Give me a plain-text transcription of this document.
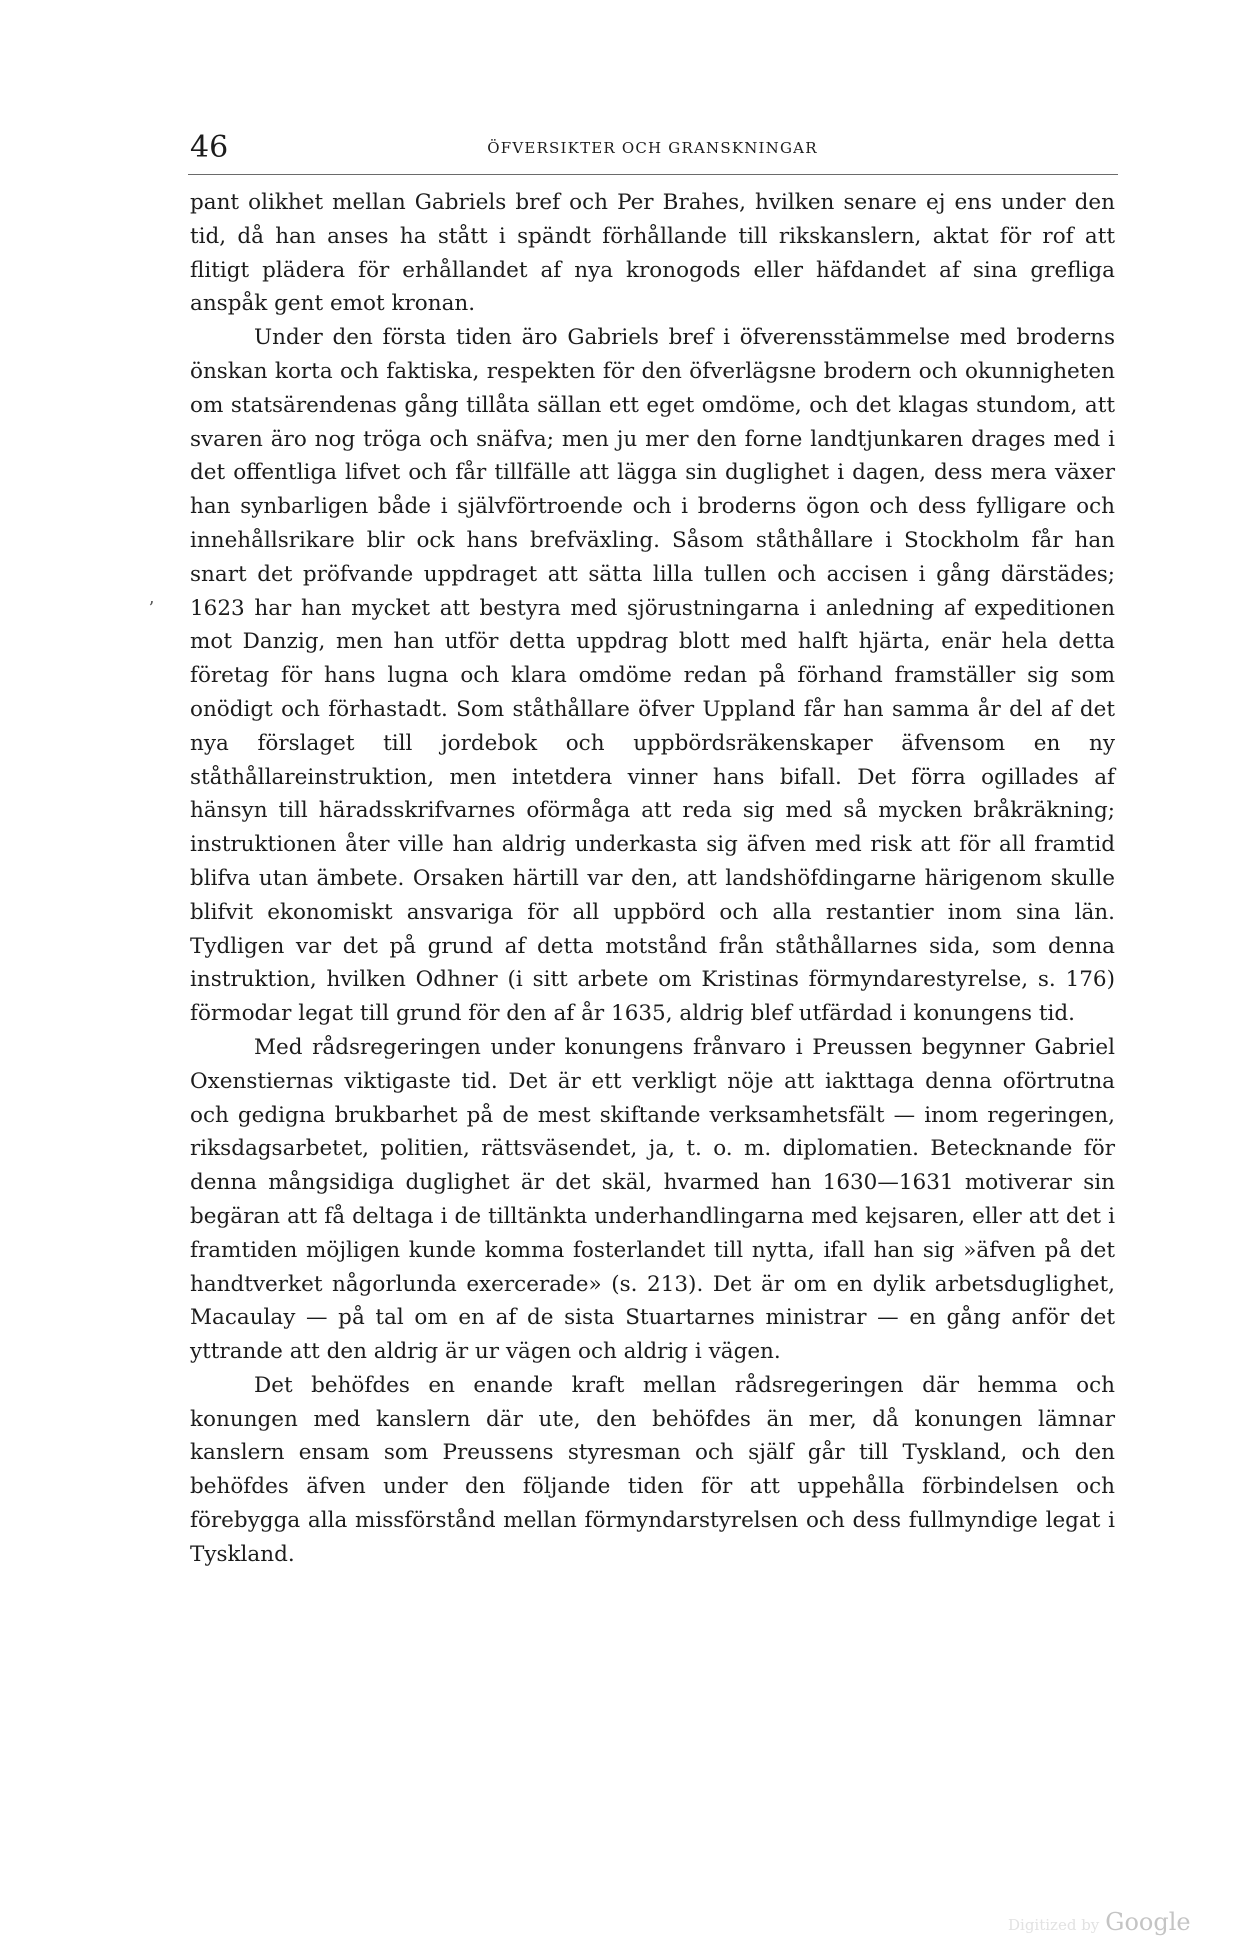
46	ÖFVERSIKTER OCH GRANSKNINGAR
ʼ

pant olikhet mellan Gabriels bref och Per Brahes, hvilken senare ej ens under den tid, då han anses ha stått i spändt förhållande till rikskanslern, aktat för rof att flitigt plädera för erhållandet af nya kronogods eller häfdandet af sina grefliga anspåk gent emot kronan.

Under den första tiden äro Gabriels bref i öfverensstämmelse med broderns önskan korta och faktiska, respekten för den öfverlägsne brodern och okunnigheten om statsärendenas gång tillåta sällan ett eget omdöme, och det klagas stundom, att svaren äro nog tröga och snäfva; men ju mer den forne landtjunkaren drages med i det offentliga lifvet och får tillfälle att lägga sin duglighet i dagen, dess mera växer han synbarligen både i självförtroende och i broderns ögon och dess fylligare och innehållsrikare blir ock hans brefväxling. Såsom ståthållare i Stockholm får han snart det pröfvande uppdraget att sätta lilla tullen och accisen i gång därstädes; 1623 har han mycket att bestyra med sjörustningarna i anledning af expeditionen mot Danzig, men han utför detta uppdrag blott med halft hjärta, enär hela detta företag för hans lugna och klara omdöme redan på förhand framställer sig som onödigt och förhastadt. Som ståthållare öfver Uppland får han samma år del af det nya förslaget till jordebok och uppbördsräkenskaper äfvensom en ny ståthållareinstruktion, men intetdera vinner hans bifall. Det förra ogillades af hänsyn till häradsskrifvarnes oförmåga att reda sig med så mycken bråkräkning; instruktionen åter ville han aldrig underkasta sig äfven med risk att för all framtid blifva utan ämbete. Orsaken härtill var den, att landshöfdingarne härigenom skulle blifvit ekonomiskt ansvariga för all uppbörd och alla restantier inom sina län. Tydligen var det på grund af detta motstånd från ståthållarnes sida, som denna instruktion, hvilken Odhner (i sitt arbete om Kristinas förmyndarestyrelse, s. 176) förmodar legat till grund för den af år 1635, aldrig blef utfärdad i konungens tid.

Med rådsregeringen under konungens frånvaro i Preussen begynner Gabriel Oxenstiernas viktigaste tid. Det är ett verkligt nöje att iakttaga denna oförtrutna och gedigna brukbarhet på de mest skiftande verksamhetsfält — inom regeringen, riksdagsarbetet, politien, rättsväsendet, ja, t. o. m. diplomatien. Betecknande för denna mångsidiga duglighet är det skäl, hvarmed han 1630—1631 motiverar sin begäran att få deltaga i de tilltänkta underhandlingarna med kejsaren, eller att det i framtiden möjligen kunde komma fosterlandet till nytta, ifall han sig »äfven på det handtverket någorlunda exercerade» (s. 213). Det är om en dylik arbetsduglighet, Macaulay — på tal om en af de sista Stuartarnes ministrar — en gång anför det yttrande att den aldrig är ur vägen och aldrig i vägen.

Det behöfdes en enande kraft mellan rådsregeringen där hemma och konungen med kanslern där ute, den behöfdes än mer, då konungen lämnar kanslern ensam som Preussens styresman och själf går till Tyskland, och den behöfdes äfven under den följande tiden för att uppehålla förbindelsen och förebygga alla missförstånd mellan förmyndarstyrelsen och dess fullmyndige legat i Tyskland.

Digitized by Google
